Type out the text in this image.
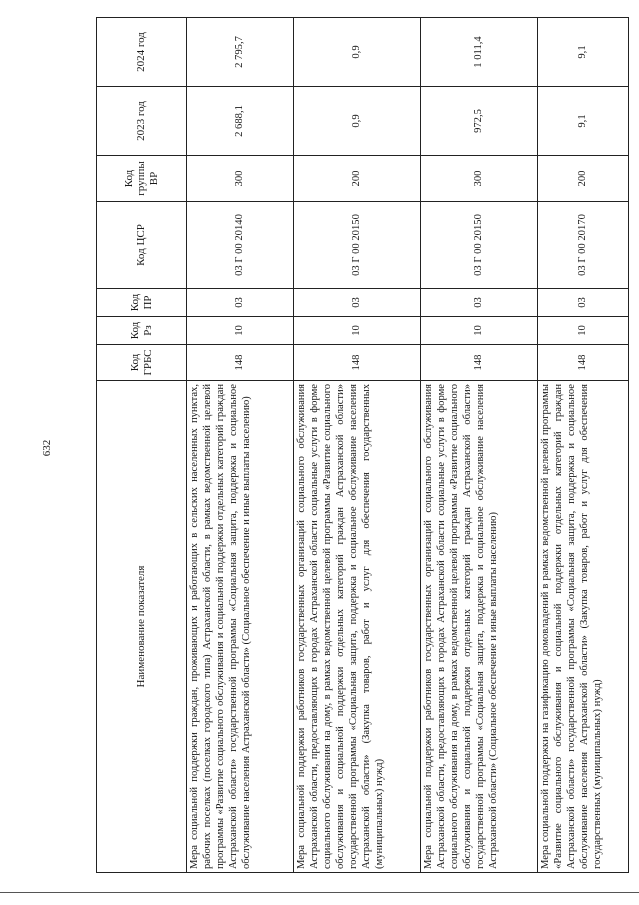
632
Наименование показателя	Код ГРБС	Код Рз	Код ПР	Код ЦСР	Код группы ВР	2023 год	2024 год
Мера социальной поддержки граждан, проживающих и работающих в сельских населенных пунктах, рабочих поселках (поселках городского типа) Астраханской области, в рамках ведомственной целевой программы «Развитие социального обслуживания и социальной поддержки отдельных категорий граждан Астраханской области» государственной программы «Социальная защита, поддержка и социальное обслуживание населения Астраханской области» (Социальное обеспечение и иные выплаты населению)	148	10	03	03 Г 00 20140	300	2 688,1	2 795,7
Мера социальной поддержки работников государственных организаций социального обслуживания Астраханской области, предоставляющих в городах Астраханской области социальные услуги в форме социального обслуживания на дому, в рамках ведомственной целевой программы «Развитие социального обслуживания и социальной поддержки отдельных категорий граждан Астраханской области» государственной программы «Социальная защита, поддержка и социальное обслуживание населения Астраханской области» (Закупка товаров, работ и услуг для обеспечения государственных (муниципальных) нужд)	148	10	03	03 Г 00 20150	200	0,9	0,9
Мера социальной поддержки работников государственных организаций социального обслуживания Астраханской области, предоставляющих в городах Астраханской области социальные услуги в форме социального обслуживания на дому, в рамках ведомственной целевой программы «Развитие социального обслуживания и социальной поддержки отдельных категорий граждан Астраханской области» государственной программы «Социальная защита, поддержка и социальное обслуживание населения Астраханской области» (Социальное обеспечение и иные выплаты населению)	148	10	03	03 Г 00 20150	300	972,5	1 011,4
Мера социальной поддержки на газификацию домовладений в рамках ведомственной целевой программы «Развитие социального обслуживания и социальной поддержки отдельных категорий граждан Астраханской области» государственной программы «Социальная защита, поддержка и социальное обслуживание населения Астраханской области» (Закупка товаров, работ и услуг для обеспечения государственных (муниципальных) нужд)	148	10	03	03 Г 00 20170	200	9,1	9,1
